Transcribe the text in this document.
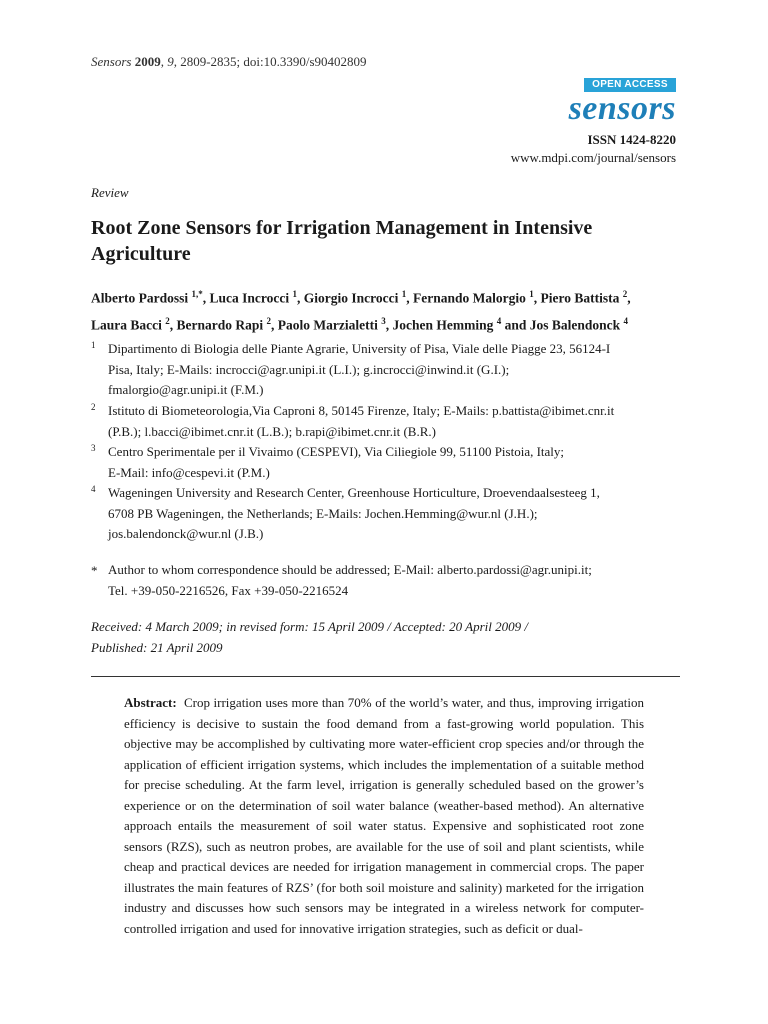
Sensors 2009, 9, 2809-2835; doi:10.3390/s90402809
OPEN ACCESS
sensors
ISSN 1424-8220
www.mdpi.com/journal/sensors
Review
Root Zone Sensors for Irrigation Management in Intensive
Agriculture
Alberto Pardossi $^{1,*}$, Luca Incrocci $^1$, Giorgio Incrocci $^1$, Fernando Malorgio $^1$, Piero Battista $^2$,
Laura Bacci $^2$, Bernardo Rapi $^2$, Paolo Marzialetti $^3$, Jochen Hemming $^4$ and Jos Balendonck $^4$
1 Dipartimento di Biologia delle Piante Agrarie, University of Pisa, Viale delle Piagge 23, 56124-I
Pisa, Italy; E-Mails: incrocci@agr.unipi.it (L.I.); g.incrocci@inwind.it (G.I.);
fmalorgio@agr.unipi.it (F.M.)
2 Istituto di Biometeorologia,Via Caproni 8, 50145 Firenze, Italy; E-Mails: p.battista@ibimet.cnr.it
(P.B.); l.bacci@ibimet.cnr.it (L.B.); b.rapi@ibimet.cnr.it (B.R.)
3 Centro Sperimentale per il Vivaimo (CESPEVI), Via Ciliegiole 99, 51100 Pistoia, Italy;
E-Mail: info@cespevi.it (P.M.)
4 Wageningen University and Research Center, Greenhouse Horticulture, Droevendaalsesteeg 1,
6708 PB Wageningen, the Netherlands; E-Mails: Jochen.Hemming@wur.nl (J.H.);
jos.balendonck@wur.nl (J.B.)
* Author to whom correspondence should be addressed; E-Mail: alberto.pardossi@agr.unipi.it;
Tel. +39-050-2216526, Fax +39-050-2216524
Received: 4 March 2009; in revised form: 15 April 2009 / Accepted: 20 April 2009 /
Published: 21 April 2009
Abstract: Crop irrigation uses more than 70% of the world’s water, and thus, improving irrigation efficiency is decisive to sustain the food demand from a fast-growing world population. This objective may be accomplished by cultivating more water-efficient crop species and/or through the application of efficient irrigation systems, which includes the implementation of a suitable method for precise scheduling. At the farm level, irrigation is generally scheduled based on the grower’s experience or on the determination of soil water balance (weather-based method). An alternative approach entails the measurement of soil water status. Expensive and sophisticated root zone sensors (RZS), such as neutron probes, are available for the use of soil and plant scientists, while cheap and practical devices are needed for irrigation management in commercial crops. The paper illustrates the main features of RZS’ (for both soil moisture and salinity) marketed for the irrigation industry and discusses how such sensors may be integrated in a wireless network for computer-controlled irrigation and used for innovative irrigation strategies, such as deficit or dual-
